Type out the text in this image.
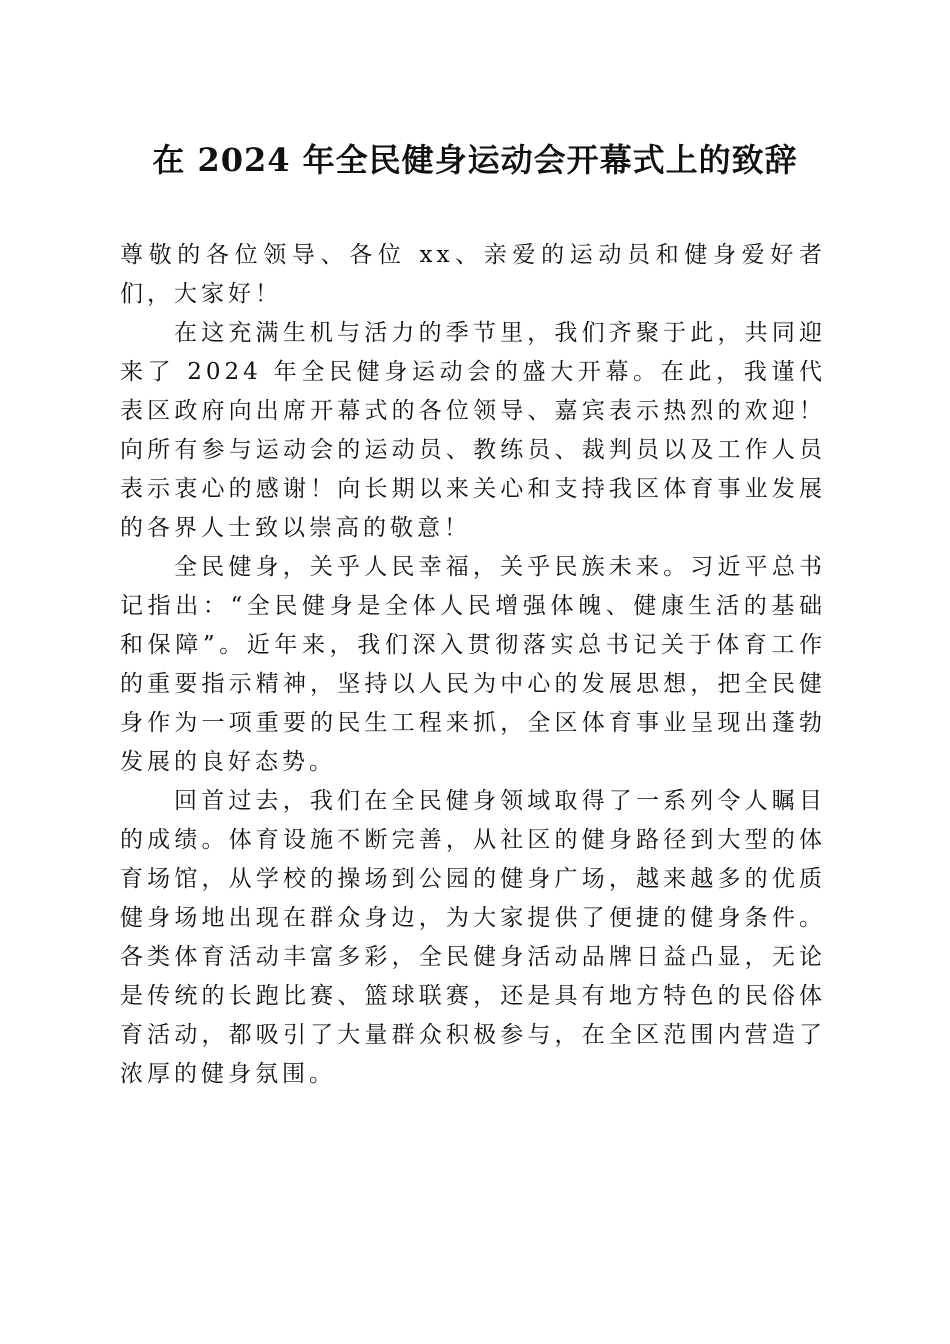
在 2024 年全民健身运动会开幕式上的致辞

尊敬的各位领导、各位 xx、亲爱的运动员和健身爱好者们，大家好！

在这充满生机与活力的季节里，我们齐聚于此，共同迎来了 2024 年全民健身运动会的盛大开幕。在此，我谨代表区政府向出席开幕式的各位领导、嘉宾表示热烈的欢迎！向所有参与运动会的运动员、教练员、裁判员以及工作人员表示衷心的感谢！向长期以来关心和支持我区体育事业发展的各界人士致以崇高的敬意！

全民健身，关乎人民幸福，关乎民族未来。习近平总书记指出：“全民健身是全体人民增强体魄、健康生活的基础和保障”。近年来，我们深入贯彻落实总书记关于体育工作的重要指示精神，坚持以人民为中心的发展思想，把全民健身作为一项重要的民生工程来抓，全区体育事业呈现出蓬勃发展的良好态势。

回首过去，我们在全民健身领域取得了一系列令人瞩目的成绩。体育设施不断完善，从社区的健身路径到大型的体育场馆，从学校的操场到公园的健身广场，越来越多的优质健身场地出现在群众身边，为大家提供了便捷的健身条件。各类体育活动丰富多彩，全民健身活动品牌日益凸显，无论是传统的长跑比赛、篮球联赛，还是具有地方特色的民俗体育活动，都吸引了大量群众积极参与，在全区范围内营造了浓厚的健身氛围。
